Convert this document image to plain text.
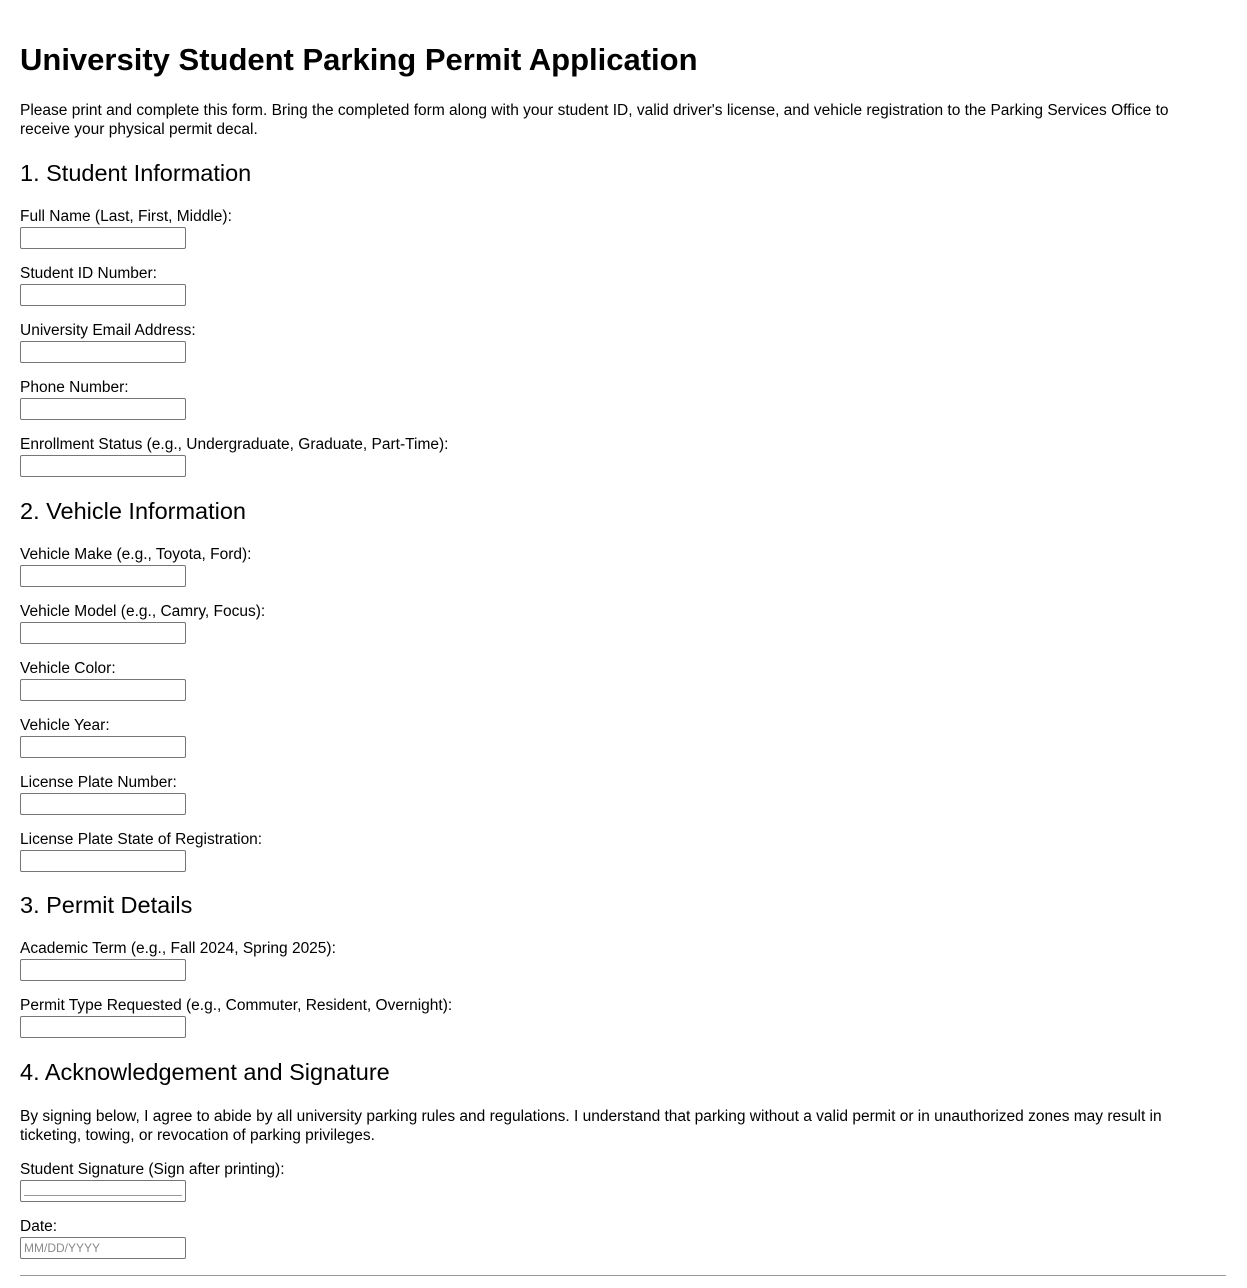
University Student Parking Permit Application

Please print and complete this form. Bring the completed form along with your student ID, valid driver's license, and vehicle registration to the Parking Services Office to receive your physical permit decal.

1. Student Information
Full Name (Last, First, Middle):
Student ID Number:
University Email Address:
Phone Number:
Enrollment Status (e.g., Undergraduate, Graduate, Part-Time):
2. Vehicle Information
Vehicle Make (e.g., Toyota, Ford):
Vehicle Model (e.g., Camry, Focus):
Vehicle Color:
Vehicle Year:
License Plate Number:
License Plate State of Registration:
3. Permit Details
Academic Term (e.g., Fall 2024, Spring 2025):
Permit Type Requested (e.g., Commuter, Resident, Overnight):
4. Acknowledgement and Signature

By signing below, I agree to abide by all university parking rules and regulations. I understand that parking without a valid permit or in unauthorized zones may result in ticketing, towing, or revocation of parking privileges.

Student Signature (Sign after printing):
Date:
MM/DD/YYYY
